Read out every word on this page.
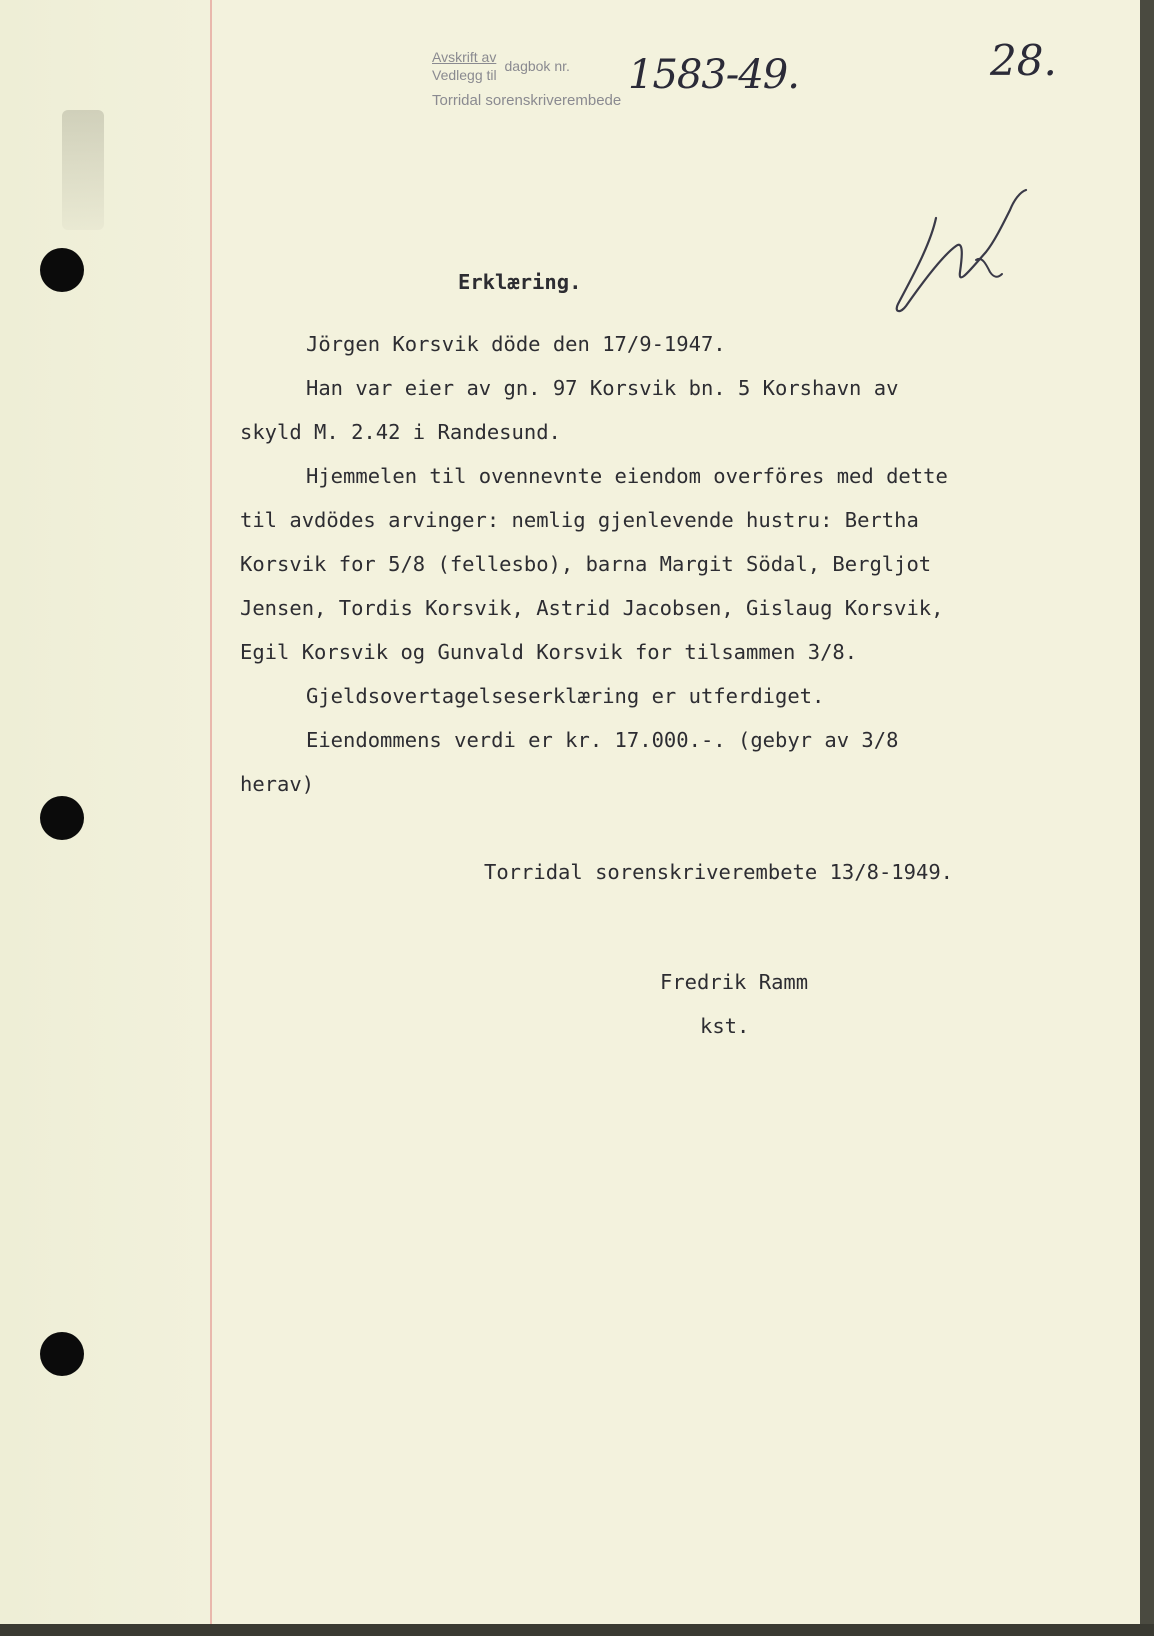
Avskrift av
Vedlegg til
dagbok nr.
Torridal sorenskriverembede
1583-49.	28.
Erklæring.
Jörgen Korsvik döde den 17/9-1947.
Han var eier av gn. 97 Korsvik bn. 5 Korshavn av
skyld M. 2.42 i Randesund.
Hjemmelen til ovennevnte eiendom overföres med dette
til avdödes arvinger: nemlig gjenlevende hustru: Bertha
Korsvik for 5/8 (fellesbo), barna Margit Södal, Bergljot
Jensen, Tordis Korsvik, Astrid Jacobsen, Gislaug Korsvik,
Egil Korsvik og Gunvald Korsvik for tilsammen 3/8.
Gjeldsovertagelseserklæring er utferdiget.
Eiendommens verdi er kr. 17.000.-. (gebyr av 3/8
herav)
Torridal sorenskriverembete 13/8-1949.
Fredrik Ramm
kst.
